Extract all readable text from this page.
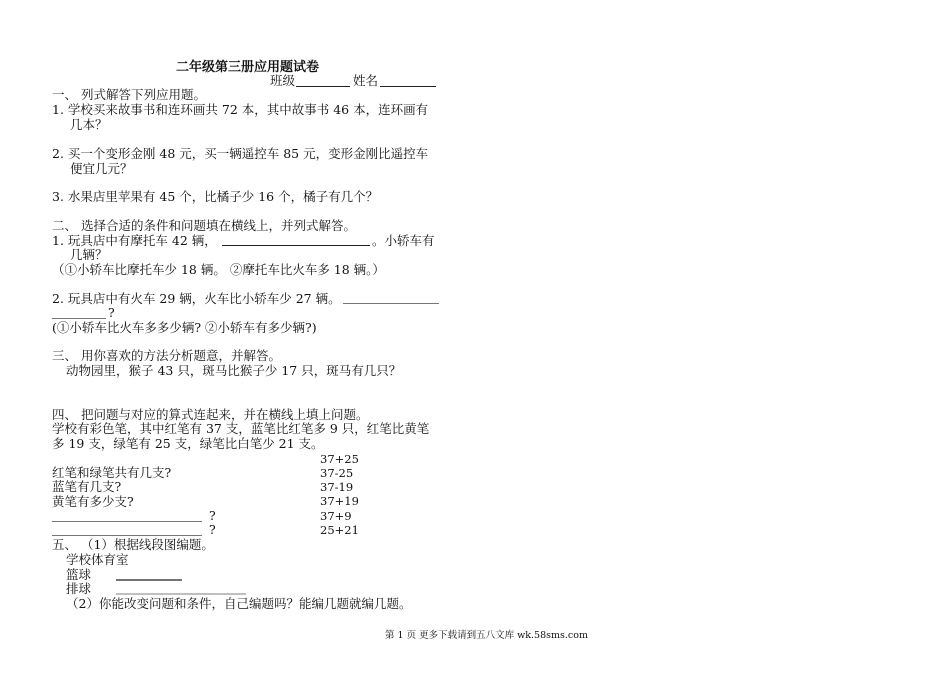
二年级第三册应用题试卷
班级	姓名
一、 列式解答下列应用题。
1. 学校买来故事书和连环画共 72 本，其中故事书 46 本，连环画有
几本？
2. 买一个变形金刚 48 元，买一辆遥控车 85 元，变形金刚比遥控车
便宜几元？
3. 水果店里苹果有 45 个，比橘子少 16 个，橘子有几个？
二、 选择合适的条件和问题填在横线上，并列式解答。
1. 玩具店中有摩托车 42 辆，	。小轿车有
几辆？
（①小轿车比摩托车少 18 辆。 ②摩托车比火车多 18 辆。）
2. 玩具店中有火车 29 辆，火车比小轿车少 27 辆。
?
(①小轿车比火车多多少辆? ②小轿车有多少辆?)
三、 用你喜欢的方法分析题意，并解答。
动物园里，猴子 43 只，斑马比猴子少 17 只，斑马有几只？
四、 把问题与对应的算式连起来，并在横线上填上问题。
学校有彩色笔，其中红笔有 37 支，蓝笔比红笔多 9 只，红笔比黄笔
多 19 支，绿笔有 25 支，绿笔比白笔少 21 支。
37+25
37-25
37-19
37+19
37+9
25+21
红笔和绿笔共有几支?
蓝笔有几支?
黄笔有多少支?
?
?
五、 （1）根据线段图编题。
学校体育室
篮球
排球
（2）你能改变问题和条件，自己编题吗？能编几题就编几题。
第 1 页 更多下载请到五八文库 wk.58sms.com
